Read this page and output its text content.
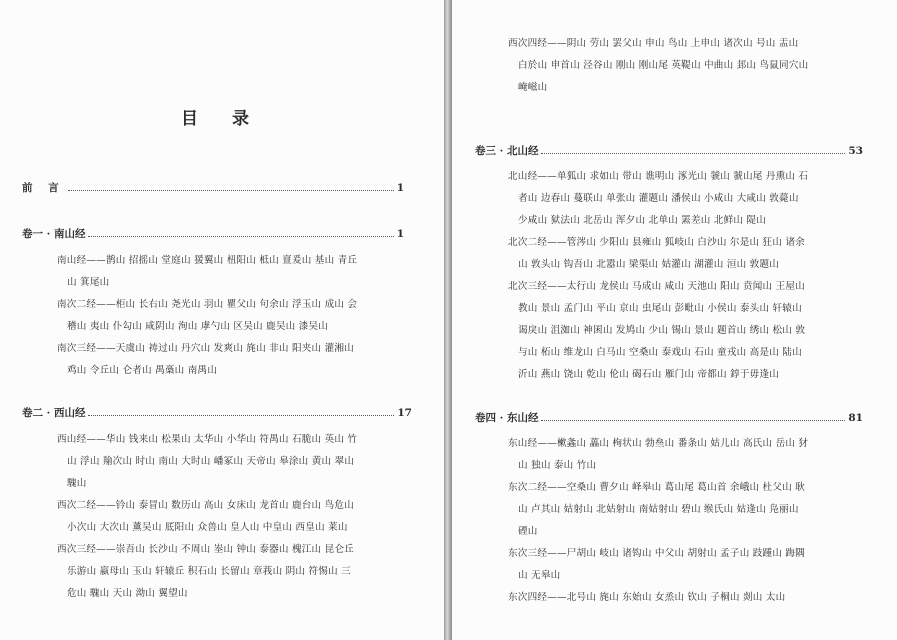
目 录
前 言	1
卷一 · 南山经	1
南山经——鹊山 招摇山 堂庭山 猨翼山 杻阳山 柢山 亶爰山 基山 青丘
山 箕尾山
南次二经——柜山 长右山 尧光山 羽山 瞿父山 句余山 浮玉山 成山 会
稽山 夷山 仆勾山 咸阴山 洵山 虖勺山 区吴山 鹿吴山 漆吴山
南次三经——天虞山 祷过山 丹穴山 发爽山 旄山 非山 阳夹山 灌湘山
鸡山 令丘山 仑者山 禺槀山 南禺山
卷二 · 西山经	17
西山经——华山 钱来山 松果山 太华山 小华山 符禺山 石脆山 英山 竹
山 浮山 羭次山 时山 南山 大时山 嶓冢山 天帝山 皋涂山 黄山 翠山
騩山
西次二经——钤山 泰冒山 数历山 高山 女床山 龙首山 鹿台山 鸟危山
小次山 大次山 薰吴山 厎阳山 众兽山 皇人山 中皇山 西皇山 莱山
西次三经——崇吾山 长沙山 不周山 峚山 钟山 泰器山 槐江山 昆仑丘
乐游山 嬴母山 玉山 轩辕丘 积石山 长留山 章莪山 阴山 符惕山 三
危山 騩山 天山 泑山 翼望山
西次四经——阴山 劳山 罢父山 申山 鸟山 上申山 诸次山 号山 盂山
白於山 申首山 泾谷山 刚山 刚山尾 英鞮山 中曲山 邽山 鸟鼠同穴山
崦嵫山
卷三 · 北山经	53
北山经——单狐山 求如山 带山 谯明山 涿光山 虢山 虢山尾 丹熏山 石
者山 边春山 蔓联山 单张山 灌题山 潘侯山 小咸山 大咸山 敦薨山
少咸山 狱法山 北岳山 浑夕山 北单山 罴差山 北鲜山 隄山
北次二经——管涔山 少阳山 县雍山 狐岐山 白沙山 尔是山 狂山 诸余
山 敦头山 钩吾山 北嚣山 梁渠山 姑灌山 湖灌山 洹山 敦题山
北次三经——太行山 龙侯山 马成山 咸山 天池山 阳山 贲闻山 王屋山
教山 景山 孟门山 平山 京山 虫尾山 彭毗山 小侯山 泰头山 轩辕山
谒戾山 沮洳山 神囷山 发鸠山 少山 锡山 景山 题首山 绣山 松山 敦
与山 柘山 维龙山 白马山 空桑山 泰戏山 石山 童戎山 高是山 陆山
沂山 燕山 饶山 乾山 伦山 碣石山 雁门山 帝都山 錞于毋逢山
卷四 · 东山经	81
东山经——樕螽山 藟山 栒状山 勃亝山 番条山 姑儿山 高氏山 岳山 犲
山 独山 泰山 竹山
东次二经——空桑山 曹夕山 峄皋山 葛山尾 葛山首 余峨山 杜父山 耿
山 卢其山 姑射山 北姑射山 南姑射山 碧山 缑氏山 姑逢山 凫丽山
䃌山
东次三经——尸胡山 岐山 诸钩山 中父山 胡射山 孟子山 跂踵山 踇隅
山 无皋山
东次四经——北号山 旄山 东始山 女烝山 钦山 子桐山 剡山 太山
